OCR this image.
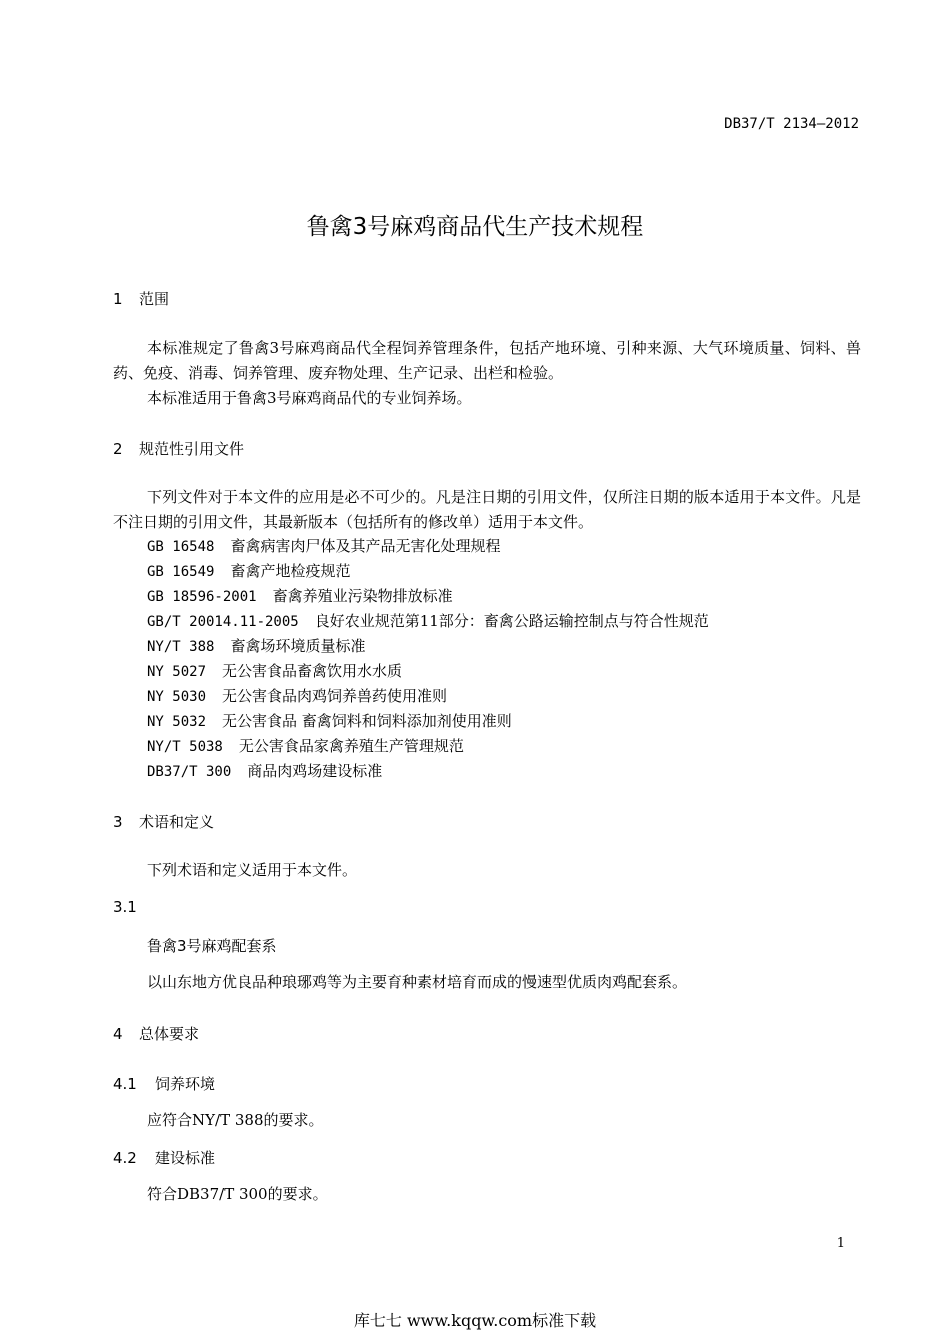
DB37/T 2134—2012
鲁禽3号麻鸡商品代生产技术规程
1 范围
本标准规定了鲁禽3号麻鸡商品代全程饲养管理条件，包括产地环境、引种来源、大气环境质量、饲料、兽药、免疫、消毒、饲养管理、废弃物处理、生产记录、出栏和检验。
本标准适用于鲁禽3号麻鸡商品代的专业饲养场。
2 规范性引用文件
下列文件对于本文件的应用是必不可少的。凡是注日期的引用文件，仅所注日期的版本适用于本文件。凡是不注日期的引用文件，其最新版本（包括所有的修改单）适用于本文件。
GB 16548 畜禽病害肉尸体及其产品无害化处理规程
GB 16549 畜禽产地检疫规范
GB 18596-2001 畜禽养殖业污染物排放标准
GB/T 20014.11-2005 良好农业规范第11部分：畜禽公路运输控制点与符合性规范
NY/T 388 畜禽场环境质量标准
NY 5027 无公害食品畜禽饮用水水质
NY 5030 无公害食品肉鸡饲养兽药使用准则
NY 5032 无公害食品 畜禽饲料和饲料添加剂使用准则
NY/T 5038 无公害食品家禽养殖生产管理规范
DB37/T 300 商品肉鸡场建设标准
3 术语和定义
下列术语和定义适用于本文件。
3.1
鲁禽3号麻鸡配套系
以山东地方优良品种琅琊鸡等为主要育种素材培育而成的慢速型优质肉鸡配套系。
4 总体要求
4.1 饲养环境
应符合NY/T 388的要求。
4.2 建设标准
符合DB37/T 300的要求。
1
库七七 www.kqqw.com标准下载
